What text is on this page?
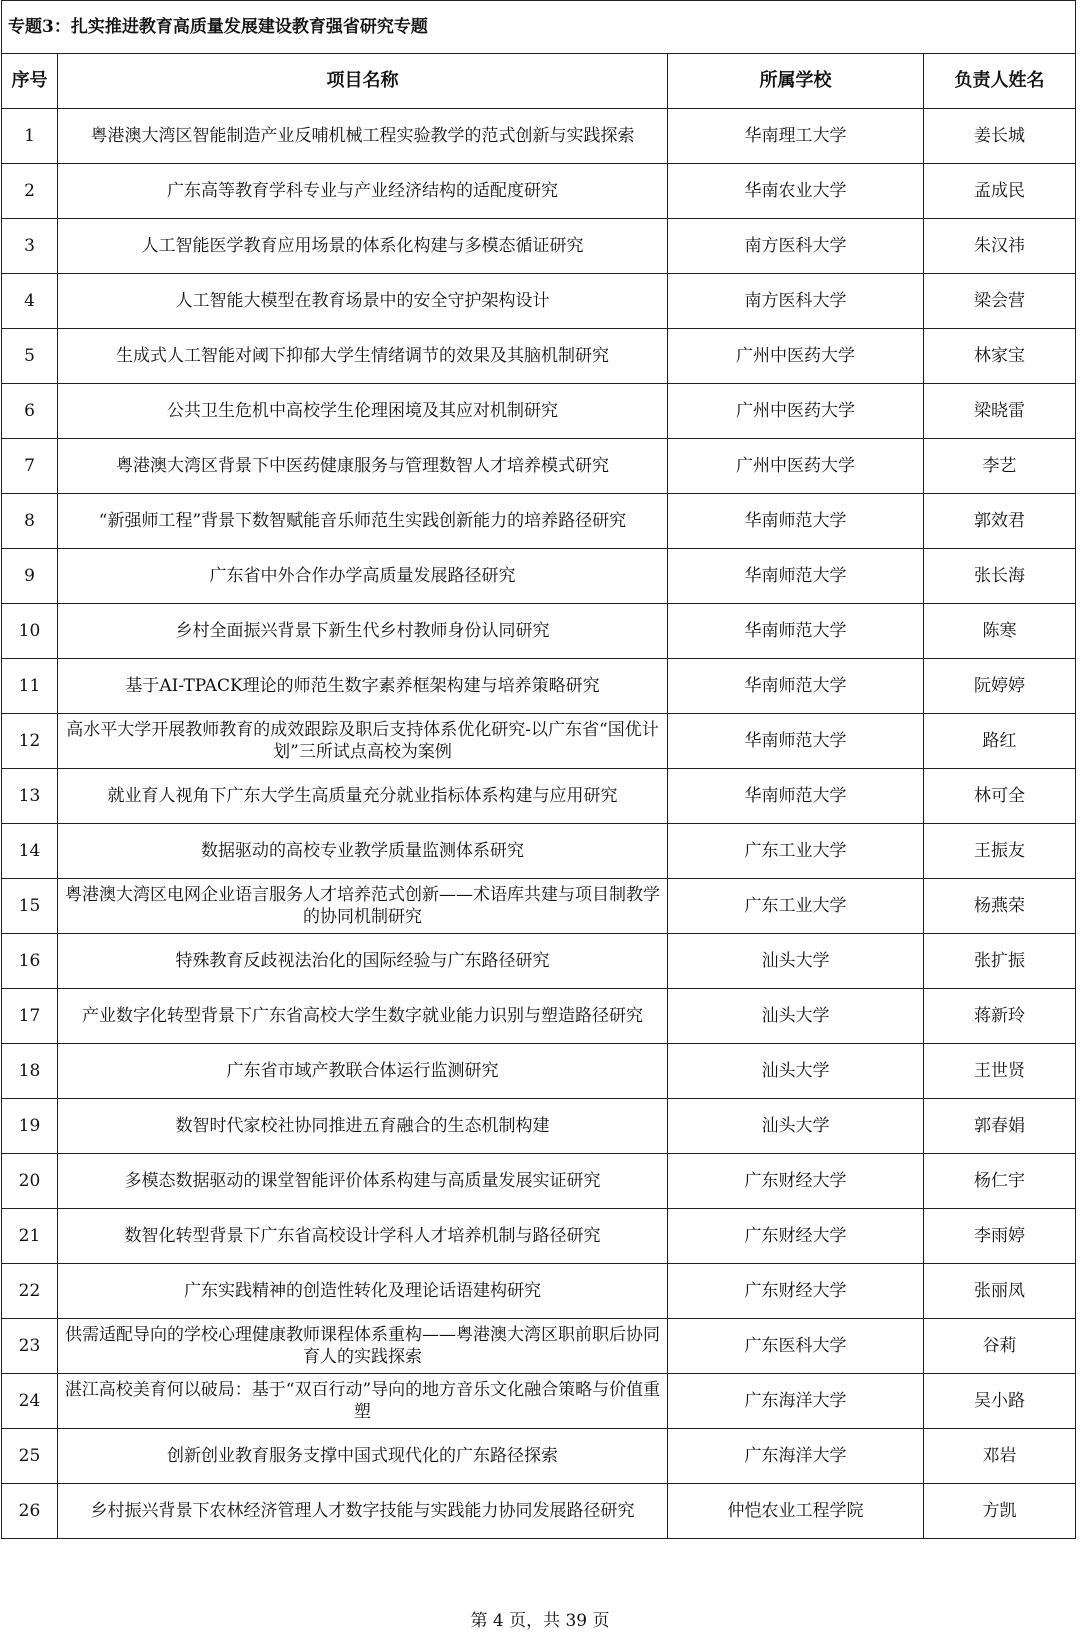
专题3：扎实推进教育高质量发展建设教育强省研究专题			
序号	项目名称	所属学校	负责人姓名
1	粤港澳大湾区智能制造产业反哺机械工程实验教学的范式创新与实践探索	华南理工大学	姜长城
2	广东高等教育学科专业与产业经济结构的适配度研究	华南农业大学	孟成民
3	人工智能医学教育应用场景的体系化构建与多模态循证研究	南方医科大学	朱汉祎
4	人工智能大模型在教育场景中的安全守护架构设计	南方医科大学	梁会营
5	生成式人工智能对阈下抑郁大学生情绪调节的效果及其脑机制研究	广州中医药大学	林家宝
6	公共卫生危机中高校学生伦理困境及其应对机制研究	广州中医药大学	梁晓雷
7	粤港澳大湾区背景下中医药健康服务与管理数智人才培养模式研究	广州中医药大学	李艺
8	“新强师工程”背景下数智赋能音乐师范生实践创新能力的培养路径研究	华南师范大学	郭效君
9	广东省中外合作办学高质量发展路径研究	华南师范大学	张长海
10	乡村全面振兴背景下新生代乡村教师身份认同研究	华南师范大学	陈寒
11	基于AI-TPACK理论的师范生数字素养框架构建与培养策略研究	华南师范大学	阮婷婷
12	高水平大学开展教师教育的成效跟踪及职后支持体系优化研究-以广东省“国优计划”三所试点高校为案例	华南师范大学	路红
13	就业育人视角下广东大学生高质量充分就业指标体系构建与应用研究	华南师范大学	林可全
14	数据驱动的高校专业教学质量监测体系研究	广东工业大学	王振友
15	粤港澳大湾区电网企业语言服务人才培养范式创新——术语库共建与项目制教学的协同机制研究	广东工业大学	杨燕荣
16	特殊教育反歧视法治化的国际经验与广东路径研究	汕头大学	张扩振
17	产业数字化转型背景下广东省高校大学生数字就业能力识别与塑造路径研究	汕头大学	蒋新玲
18	广东省市域产教联合体运行监测研究	汕头大学	王世贤
19	数智时代家校社协同推进五育融合的生态机制构建	汕头大学	郭春娟
20	多模态数据驱动的课堂智能评价体系构建与高质量发展实证研究	广东财经大学	杨仁宇
21	数智化转型背景下广东省高校设计学科人才培养机制与路径研究	广东财经大学	李雨婷
22	广东实践精神的创造性转化及理论话语建构研究	广东财经大学	张丽凤
23	供需适配导向的学校心理健康教师课程体系重构——粤港澳大湾区职前职后协同育人的实践探索	广东医科大学	谷莉
24	湛江高校美育何以破局：基于“双百行动”导向的地方音乐文化融合策略与价值重塑	广东海洋大学	吴小路
25	创新创业教育服务支撑中国式现代化的广东路径探索	广东海洋大学	邓岩
26	乡村振兴背景下农林经济管理人才数字技能与实践能力协同发展路径研究	仲恺农业工程学院	方凯
第 4 页，共 39 页
